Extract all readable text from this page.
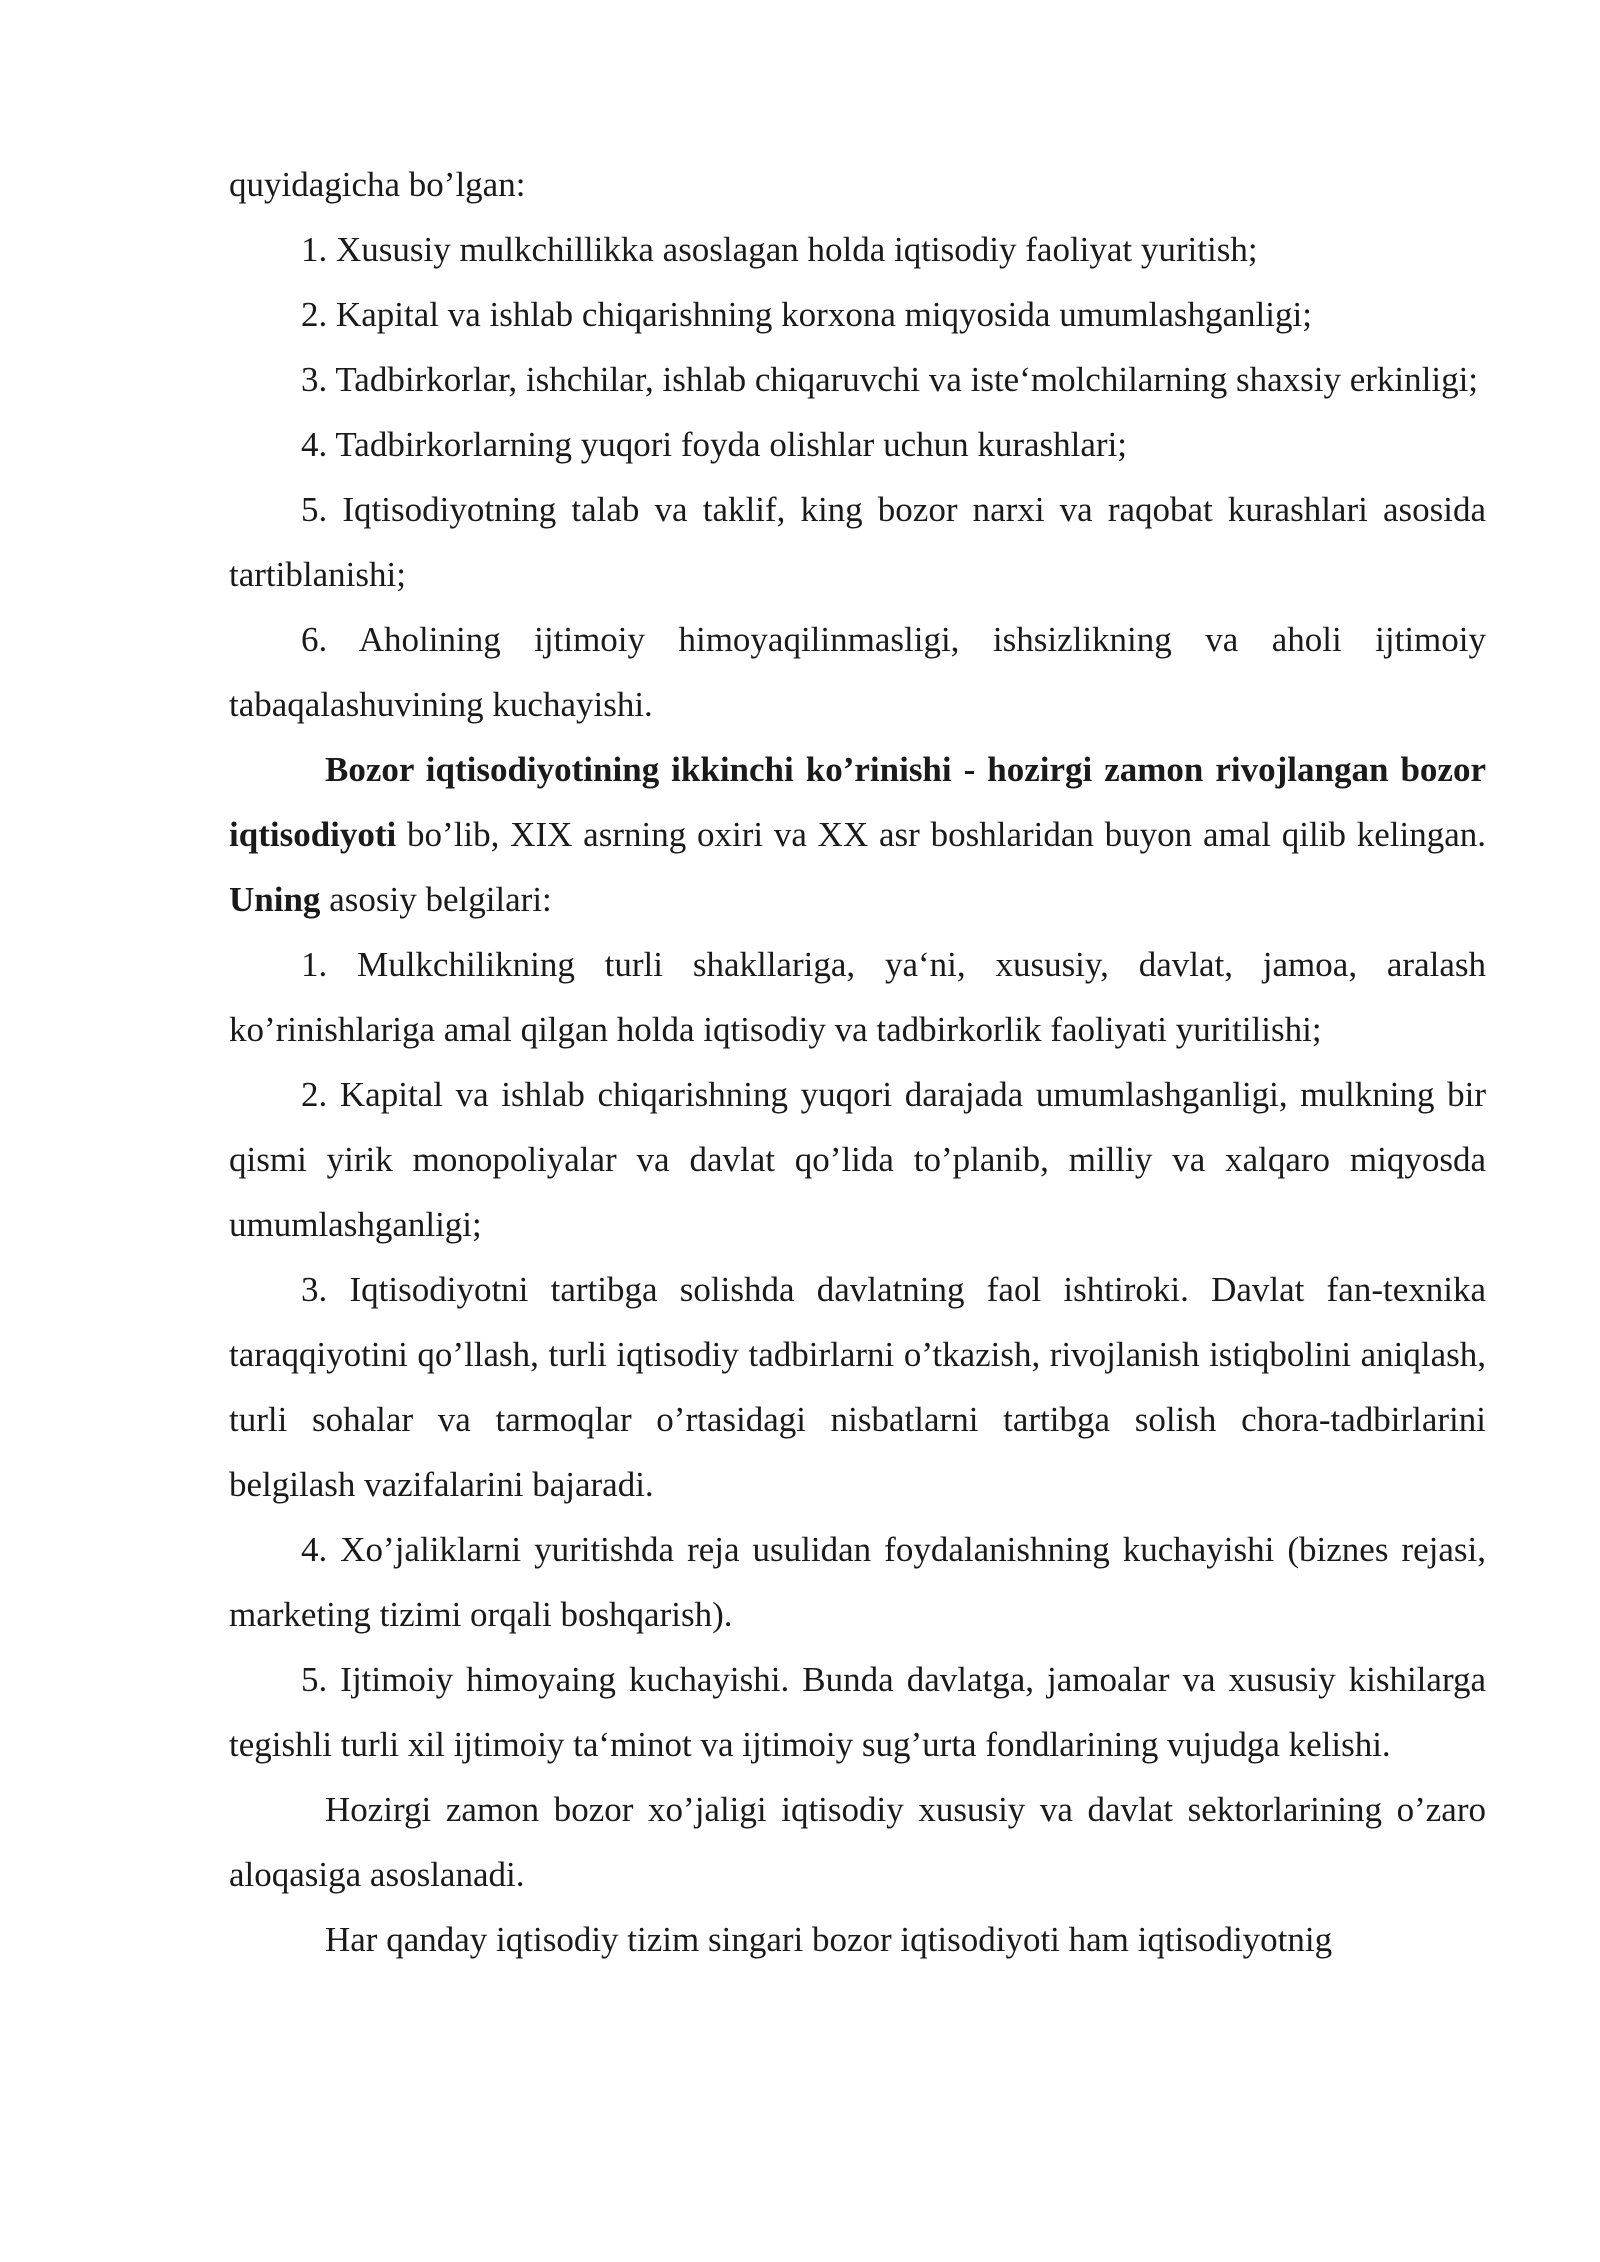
quyidagicha bo’lgan:

1. Xususiy mulkchillikka asoslagan holda iqtisodiy faoliyat yuritish;

2. Kapital va ishlab chiqarishning korxona miqyosida umumlashganligi;

3. Tadbirkorlar, ishchilar, ishlab chiqaruvchi va iste‘molchilarning shaxsiy erkinligi;

4. Tadbirkorlarning yuqori foyda olishlar uchun kurashlari;

5. Iqtisodiyotning talab va taklif, king bozor narxi va raqobat kurashlari asosida tartiblanishi;

6. Aholining ijtimoiy himoyaqilinmasligi, ishsizlikning va aholi ijtimoiy tabaqalashuvining kuchayishi.

Bozor iqtisodiyotining ikkinchi ko’rinishi - hozirgi zamon rivojlangan bozor iqtisodiyoti bo’lib, XIX asrning oxiri va XX asr boshlaridan buyon amal qilib kelingan. Uning asosiy belgilari:

1. Mulkchilikning turli shakllariga, ya‘ni, xususiy, davlat, jamoa, aralash ko’rinishlariga amal qilgan holda iqtisodiy va tadbirkorlik faoliyati yuritilishi;

2. Kapital va ishlab chiqarishning yuqori darajada umumlashganligi, mulkning bir qismi yirik monopoliyalar va davlat qo’lida to’planib, milliy va xalqaro miqyosda umumlashganligi;

3. Iqtisodiyotni tartibga solishda davlatning faol ishtiroki. Davlat fan-texnika taraqqiyotini qo’llash, turli iqtisodiy tadbirlarni o’tkazish, rivojlanish istiqbolini aniqlash, turli sohalar va tarmoqlar o’rtasidagi nisbatlarni tartibga solish chora-tadbirlarini belgilash vazifalarini bajaradi.

4. Xo’jaliklarni yuritishda reja usulidan foydalanishning kuchayishi (biznes rejasi, marketing tizimi orqali boshqarish).

5. Ijtimoiy himoyaing kuchayishi. Bunda davlatga, jamoalar va xususiy kishilarga tegishli turli xil ijtimoiy ta‘minot va ijtimoiy sug’urta fondlarining vujudga kelishi.

Hozirgi zamon bozor xo’jaligi iqtisodiy xususiy va davlat sektorlarining o’zaro aloqasiga asoslanadi.

Har qanday iqtisodiy tizim singari bozor iqtisodiyoti ham iqtisodiyotnig
